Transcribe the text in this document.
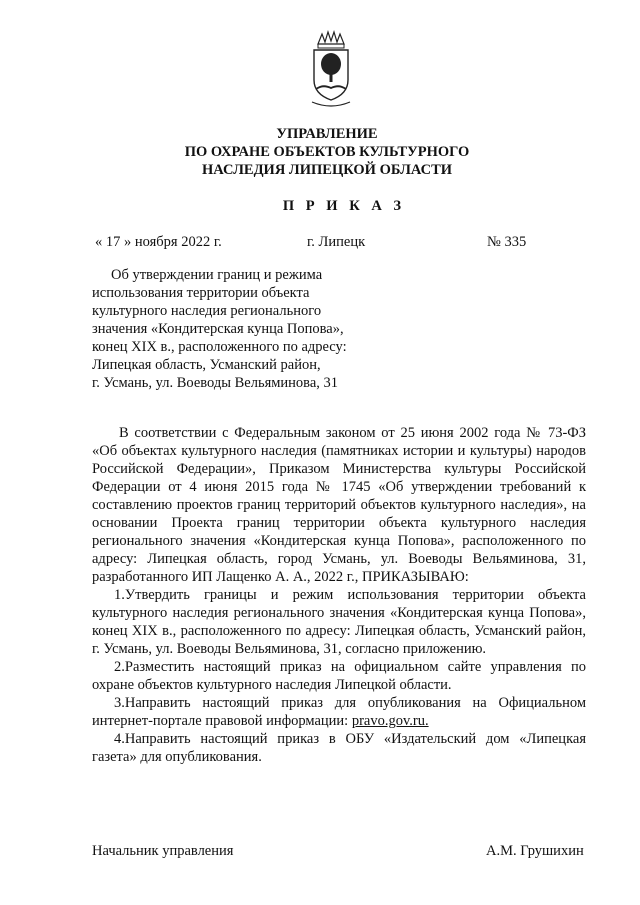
УПРАВЛЕНИЕ
ПО ОХРАНЕ ОБЪЕКТОВ КУЛЬТУРНОГО
НАСЛЕДИЯ ЛИПЕЦКОЙ ОБЛАСТИ
П Р И К А З
« 17 » ноября 2022 г.	г. Липецк	№ 335
Об утверждении границ и режима
использования территории объекта
культурного наследия регионального
значения «Кондитерская кунца Попова»,
конец XIX в., расположенного по адресу:
Липецкая область, Усманский район,
г. Усмань, ул. Воеводы Вельяминова, 31

В соответствии с Федеральным законом от 25 июня 2002 года № 73-ФЗ «Об объектах культурного наследия (памятниках истории и культуры) народов Российской Федерации», Приказом Министерства культуры Российской Федерации от 4 июня 2015 года № 1745 «Об утверждении требований к составлению проектов границ территорий объектов культурного наследия», на основании Проекта границ территории объекта культурного наследия регионального значения «Кондитерская кунца Попова», расположенного по адресу: Липецкая область, город Усмань, ул. Воеводы Вельяминова, 31, разработанного ИП Лащенко А. А., 2022 г., ПРИКАЗЫВАЮ:

1.Утвердить границы и режим использования территории объекта культурного наследия регионального значения «Кондитерская кунца Попова», конец XIX в., расположенного по адресу: Липецкая область, Усманский район, г. Усмань, ул. Воеводы Вельяминова, 31, согласно приложению.

2.Разместить настоящий приказ на официальном сайте управления по охране объектов культурного наследия Липецкой области.

3.Направить настоящий приказ для опубликования на Официальном интернет-портале правовой информации: pravo.gov.ru.

4.Направить настоящий приказ в ОБУ «Издательский дом «Липецкая газета» для опубликования.

Начальник управления	А.М. Грушихин
